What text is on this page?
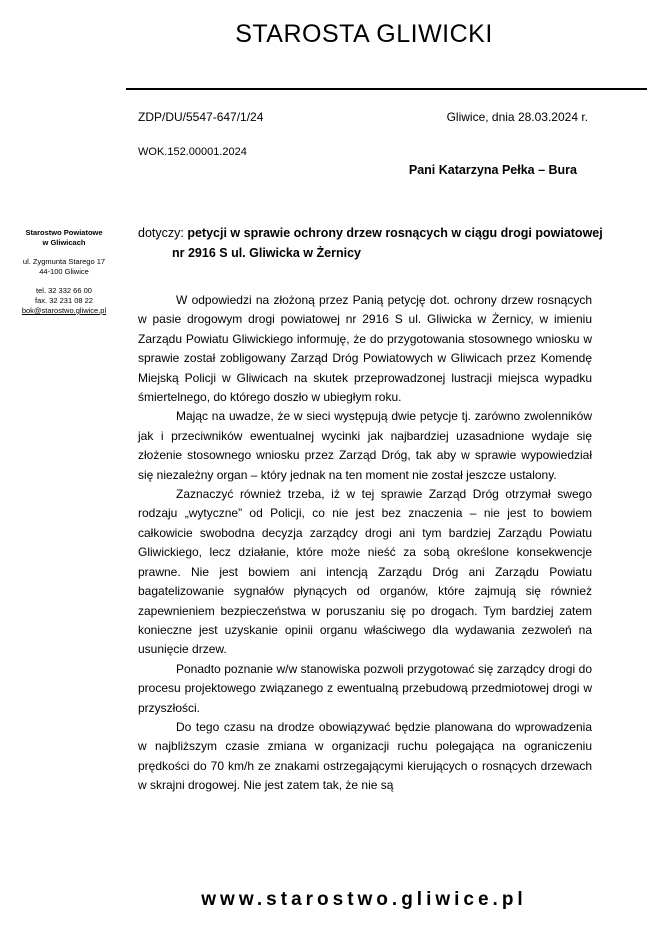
STAROSTA GLIWICKI
ZDP/DU/5547-647/1/24	Gliwice, dnia 28.03.2024 r.
WOK.152.00001.2024
Pani Katarzyna Pełka – Bura
Starostwo Powiatowe
w Gliwicach
ul. Zygmunta Starego 17
44-100 Gliwice
tel. 32 332 66 00
fax. 32 231 08 22
bok@starostwo.gliwice.pl
dotyczy: petycji w sprawie ochrony drzew rosnących w ciągu drogi powiatowej
nr 2916 S ul. Gliwicka w Żernicy

W odpowiedzi na złożoną przez Panią petycję dot. ochrony drzew rosnących w pasie drogowym drogi powiatowej nr 2916 S ul. Gliwicka w Żernicy, w imieniu Zarządu Powiatu Gliwickiego informuję, że do przygotowania stosownego wniosku w sprawie został zobligowany Zarząd Dróg Powiatowych w Gliwicach przez Komendę Miejską Policji w Gliwicach na skutek przeprowadzonej lustracji miejsca wypadku śmiertelnego, do którego doszło w ubiegłym roku.

Mając na uwadze, że w sieci występują dwie petycje tj. zarówno zwolenników jak i przeciwników ewentualnej wycinki jak najbardziej uzasadnione wydaje się złożenie stosownego wniosku przez Zarząd Dróg, tak aby w sprawie wypowiedział się niezależny organ – który jednak na ten moment nie został jeszcze ustalony.

Zaznaczyć również trzeba, iż w tej sprawie Zarząd Dróg otrzymał swego rodzaju „wytyczne” od Policji, co nie jest bez znaczenia – nie jest to bowiem całkowicie swobodna decyzja zarządcy drogi ani tym bardziej Zarządu Powiatu Gliwickiego, lecz działanie, które może nieść za sobą określone konsekwencje prawne. Nie jest bowiem ani intencją Zarządu Dróg ani Zarządu Powiatu bagatelizowanie sygnałów płynących od organów, które zajmują się również zapewnieniem bezpieczeństwa w poruszaniu się po drogach. Tym bardziej zatem konieczne jest uzyskanie opinii organu właściwego dla wydawania zezwoleń na usunięcie drzew.

Ponadto poznanie w/w stanowiska pozwoli przygotować się zarządcy drogi do procesu projektowego związanego z ewentualną przebudową przedmiotowej drogi w przyszłości.

Do tego czasu na drodze obowiązywać będzie planowana do wprowadzenia w najbliższym czasie zmiana w organizacji ruchu polegająca na ograniczeniu prędkości do 70 km/h ze znakami ostrzegającymi kierujących o rosnących drzewach w skrajni drogowej. Nie jest zatem tak, że nie są

www.starostwo.gliwice.pl
